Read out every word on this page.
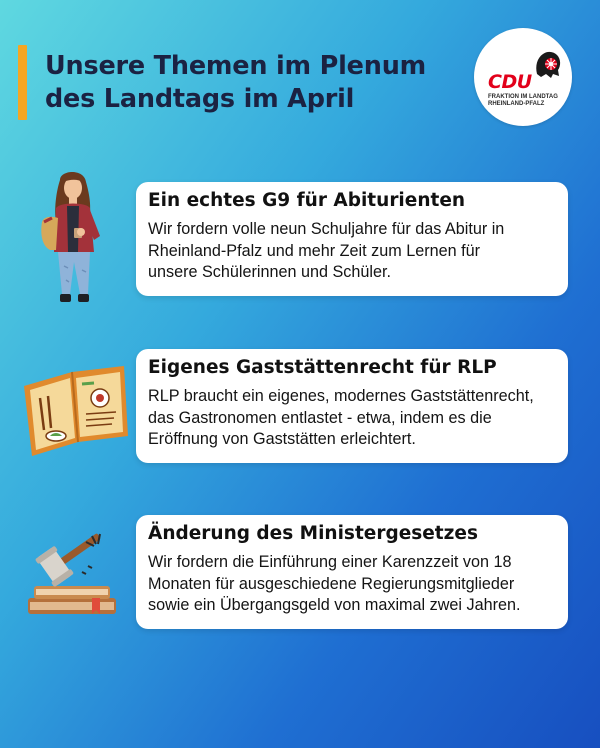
Unsere Themen im Plenum
des Landtags im April
CDU
FRAKTION IM LANDTAG
RHEINLAND-PFALZ
Ein echtes G9 für Abiturienten
Wir fordern volle neun Schuljahre für das Abitur in
Rheinland-Pfalz und mehr Zeit zum Lernen für
unsere Schülerinnen und Schüler.
Eigenes Gaststättenrecht für RLP
RLP braucht ein eigenes, modernes Gaststättenrecht,
das Gastronomen entlastet - etwa, indem es die
Eröffnung von Gaststätten erleichtert.
Änderung des Ministergesetzes
Wir fordern die Einführung einer Karenzzeit von 18
Monaten für ausgeschiedene Regierungsmitglieder
sowie ein Übergangsgeld von maximal zwei Jahren.
